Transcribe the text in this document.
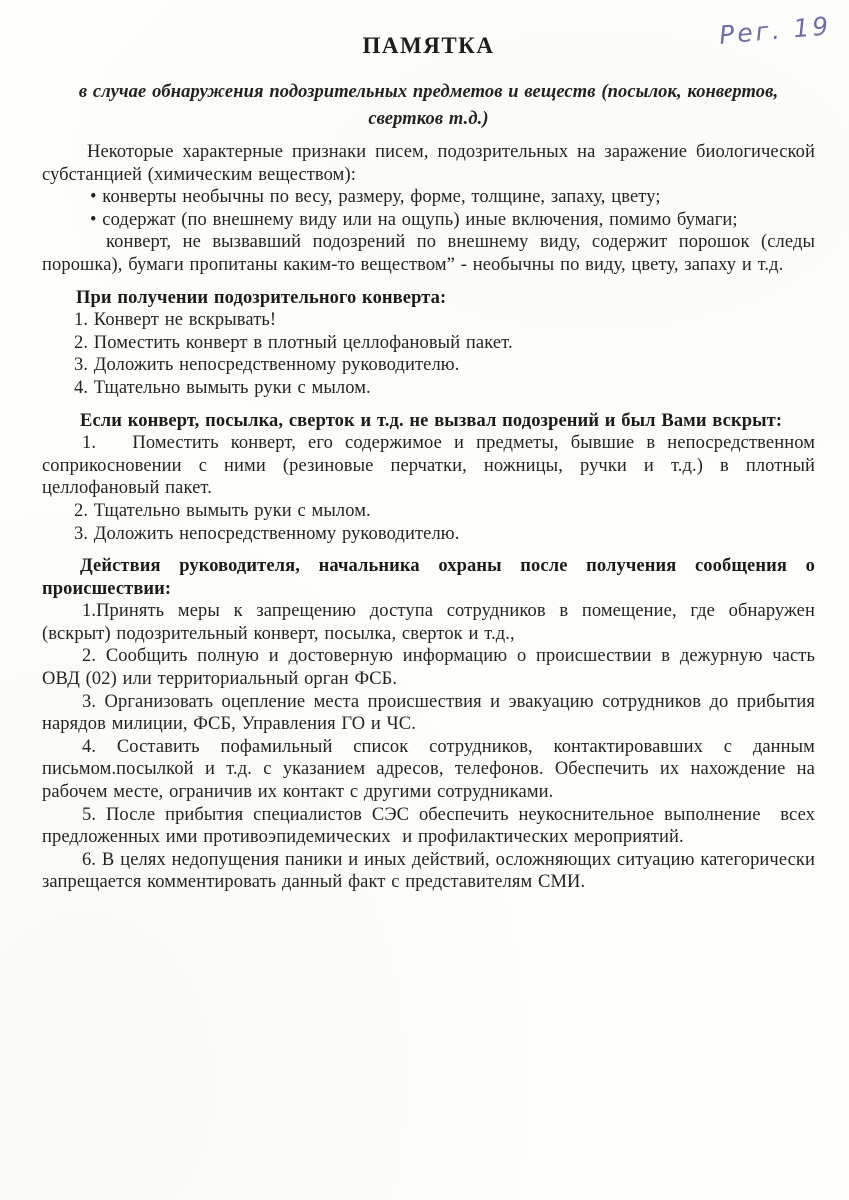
Рег. 19
ПАМЯТКА
в случае обнаружения подозрительных предметов и веществ (посылок, конвертов,
свертков т.д.)

Некоторые характерные признаки писем, подозрительных на заражение биологической субстанцией (химическим веществом):

• конверты необычны по весу, размеру, форме, толщине, запаху, цвету;

• содержат (по внешнему виду или на ощупь) иные включения, помимо бумаги;

конверт, не вызвавший подозрений по внешнему виду, содержит порошок (следы порошка), бумаги пропитаны каким-то веществом” - необычны по виду, цвету, запаху и т.д.

При получении подозрительного конверта:

1. Конверт не вскрывать!

2. Поместить конверт в плотный целлофановый пакет.

3. Доложить непосредственному руководителю.

4. Тщательно вымыть руки с мылом.

Если конверт, посылка, сверток и т.д. не вызвал подозрений и был Вами вскрыт:

1.   Поместить конверт, его содержимое и предметы, бывшие в непосредственном соприкосновении с ними (резиновые перчатки, ножницы, ручки и т.д.) в плотный целлофановый пакет.

2. Тщательно вымыть руки с мылом.

3. Доложить непосредственному руководителю.

Действия руководителя, начальника охраны после получения сообщения о происшествии:

1.Принять меры к запрещению доступа сотрудников в помещение, где обнаружен (вскрыт) подозрительный конверт, посылка, сверток и т.д.,

2. Сообщить полную и достоверную информацию о происшествии в дежурную часть ОВД (02) или территориальный орган ФСБ.

3. Организовать оцепление места происшествия и эвакуацию сотрудников до прибытия нарядов милиции, ФСБ, Управления ГО и ЧС.

4. Составить пофамильный список сотрудников, контактировавших с данным письмом.посылкой и т.д. с указанием адресов, телефонов. Обеспечить их нахождение на рабочем месте, ограничив их контакт с другими сотрудниками.

5. После прибытия специалистов СЭС обеспечить неукоснительное выполнение  всех предложенных ими противоэпидемических  и профилактических мероприятий.

6. В целях недопущения паники и иных действий, осложняющих ситуацию категорически запрещается комментировать данный факт с представителям СМИ.
